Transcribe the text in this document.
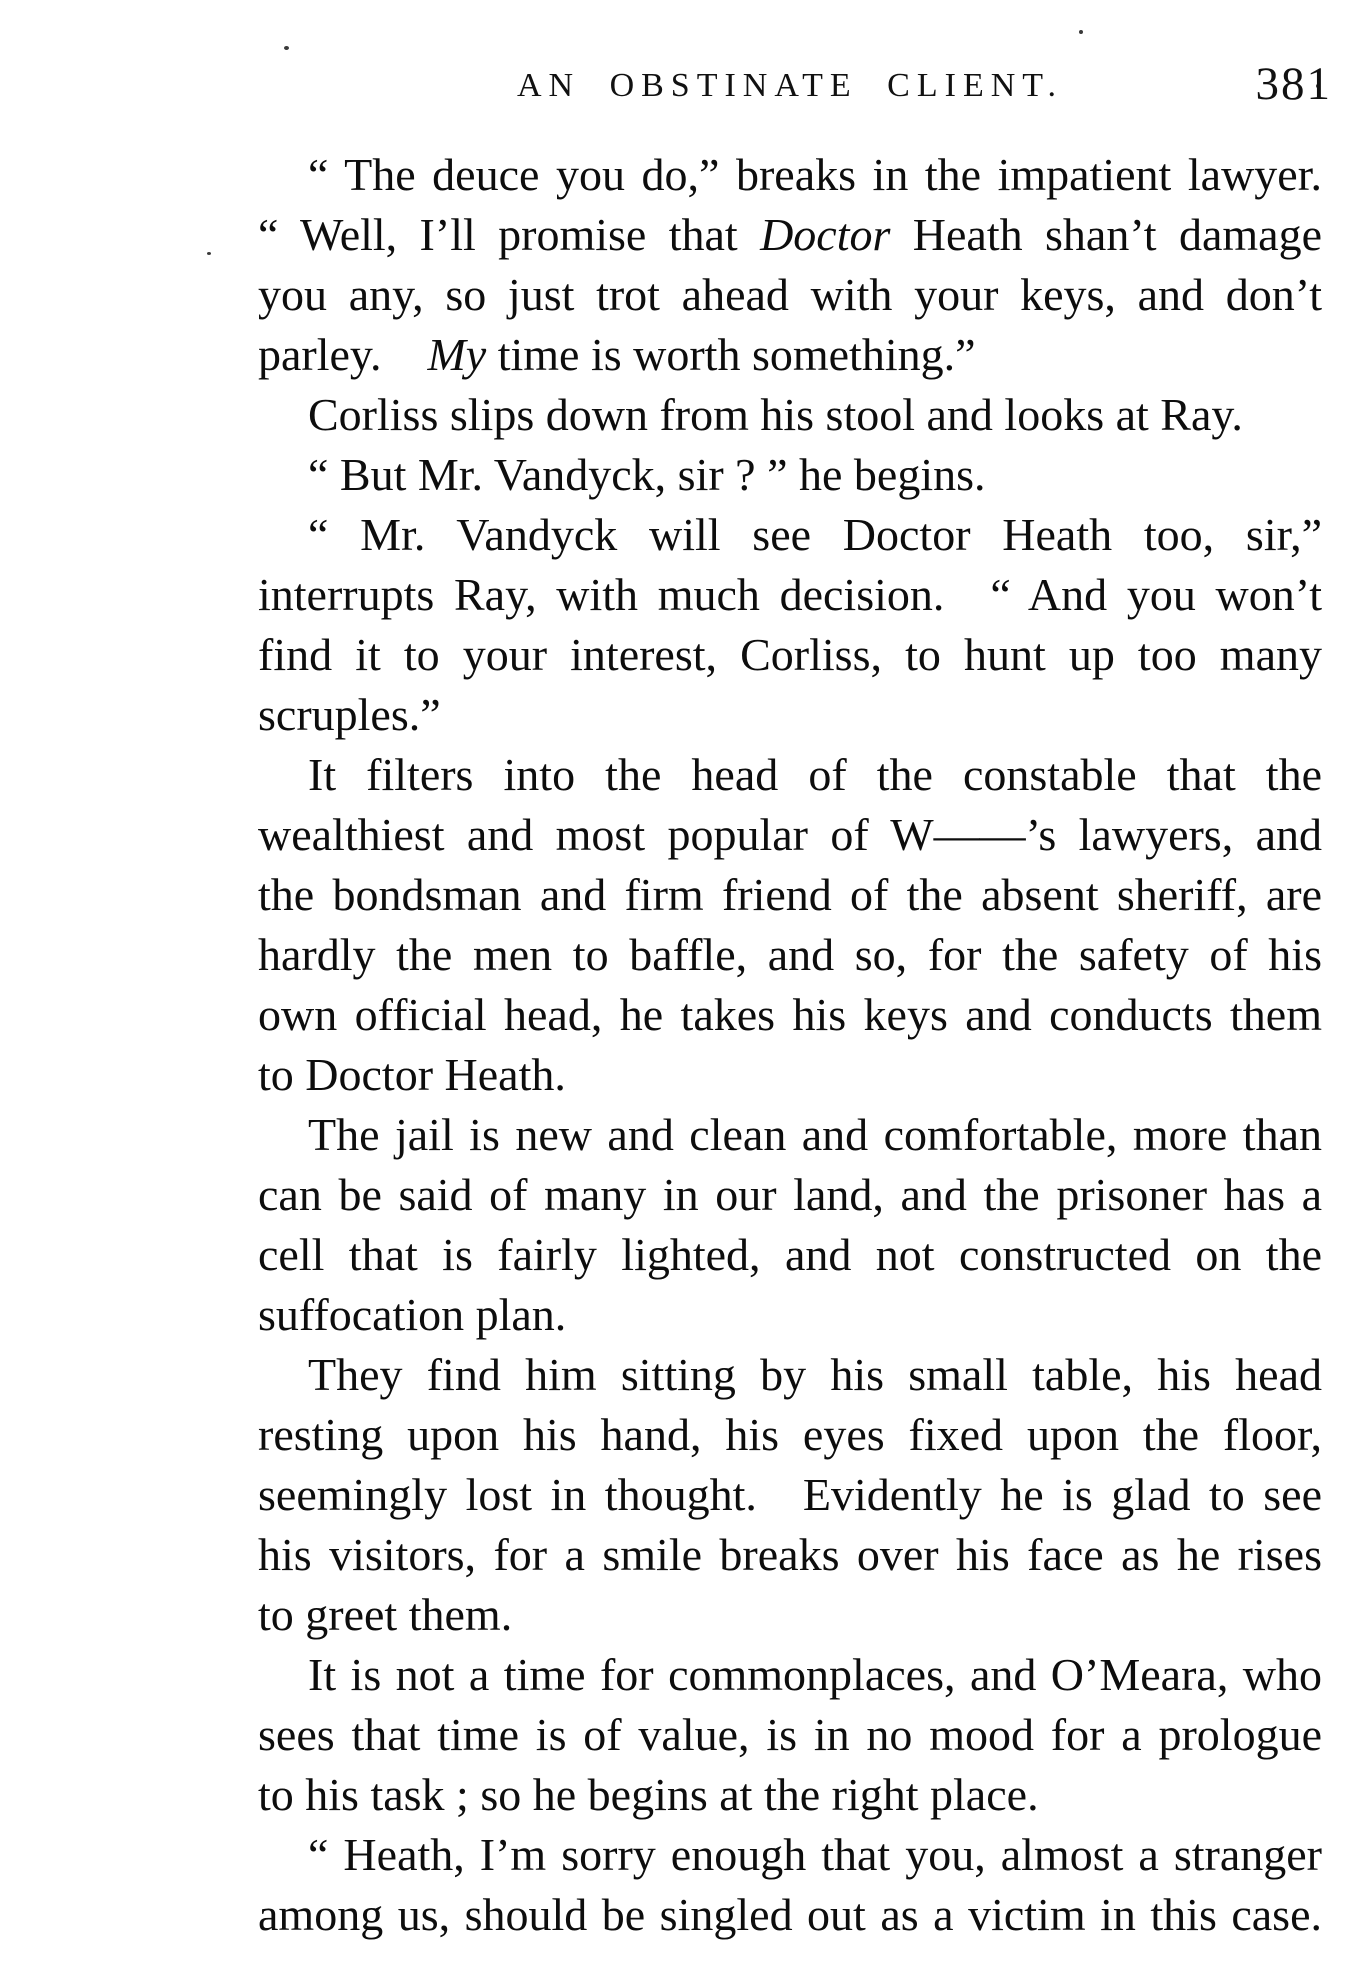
AN OBSTINATE CLIENT.	381
“ The deuce you do,” breaks in the impatient lawyer.
“ Well, I’ll promise that Doctor Heath shan’t damage
you any, so just trot ahead with your keys, and don’t
parley. My time is worth something.”
Corliss slips down from his stool and looks at Ray.
“ But Mr. Vandyck, sir ? ” he begins.
“ Mr. Vandyck will see Doctor Heath too, sir,”
interrupts Ray, with much decision. “ And you won’t
find it to your interest, Corliss, to hunt up too many
scruples.”
It filters into the head of the constable that the
wealthiest and most popular of W——’s lawyers, and
the bondsman and firm friend of the absent sheriff, are
hardly the men to baffle, and so, for the safety of his
own official head, he takes his keys and conducts them
to Doctor Heath.
The jail is new and clean and comfortable, more than
can be said of many in our land, and the prisoner has a
cell that is fairly lighted, and not constructed on the
suffocation plan.
They find him sitting by his small table, his head
resting upon his hand, his eyes fixed upon the floor,
seemingly lost in thought. Evidently he is glad to see
his visitors, for a smile breaks over his face as he rises
to greet them.
It is not a time for commonplaces, and O’Meara, who
sees that time is of value, is in no mood for a prologue
to his task ; so he begins at the right place.
“ Heath, I’m sorry enough that you, almost a stranger
among us, should be singled out as a victim in this case.
